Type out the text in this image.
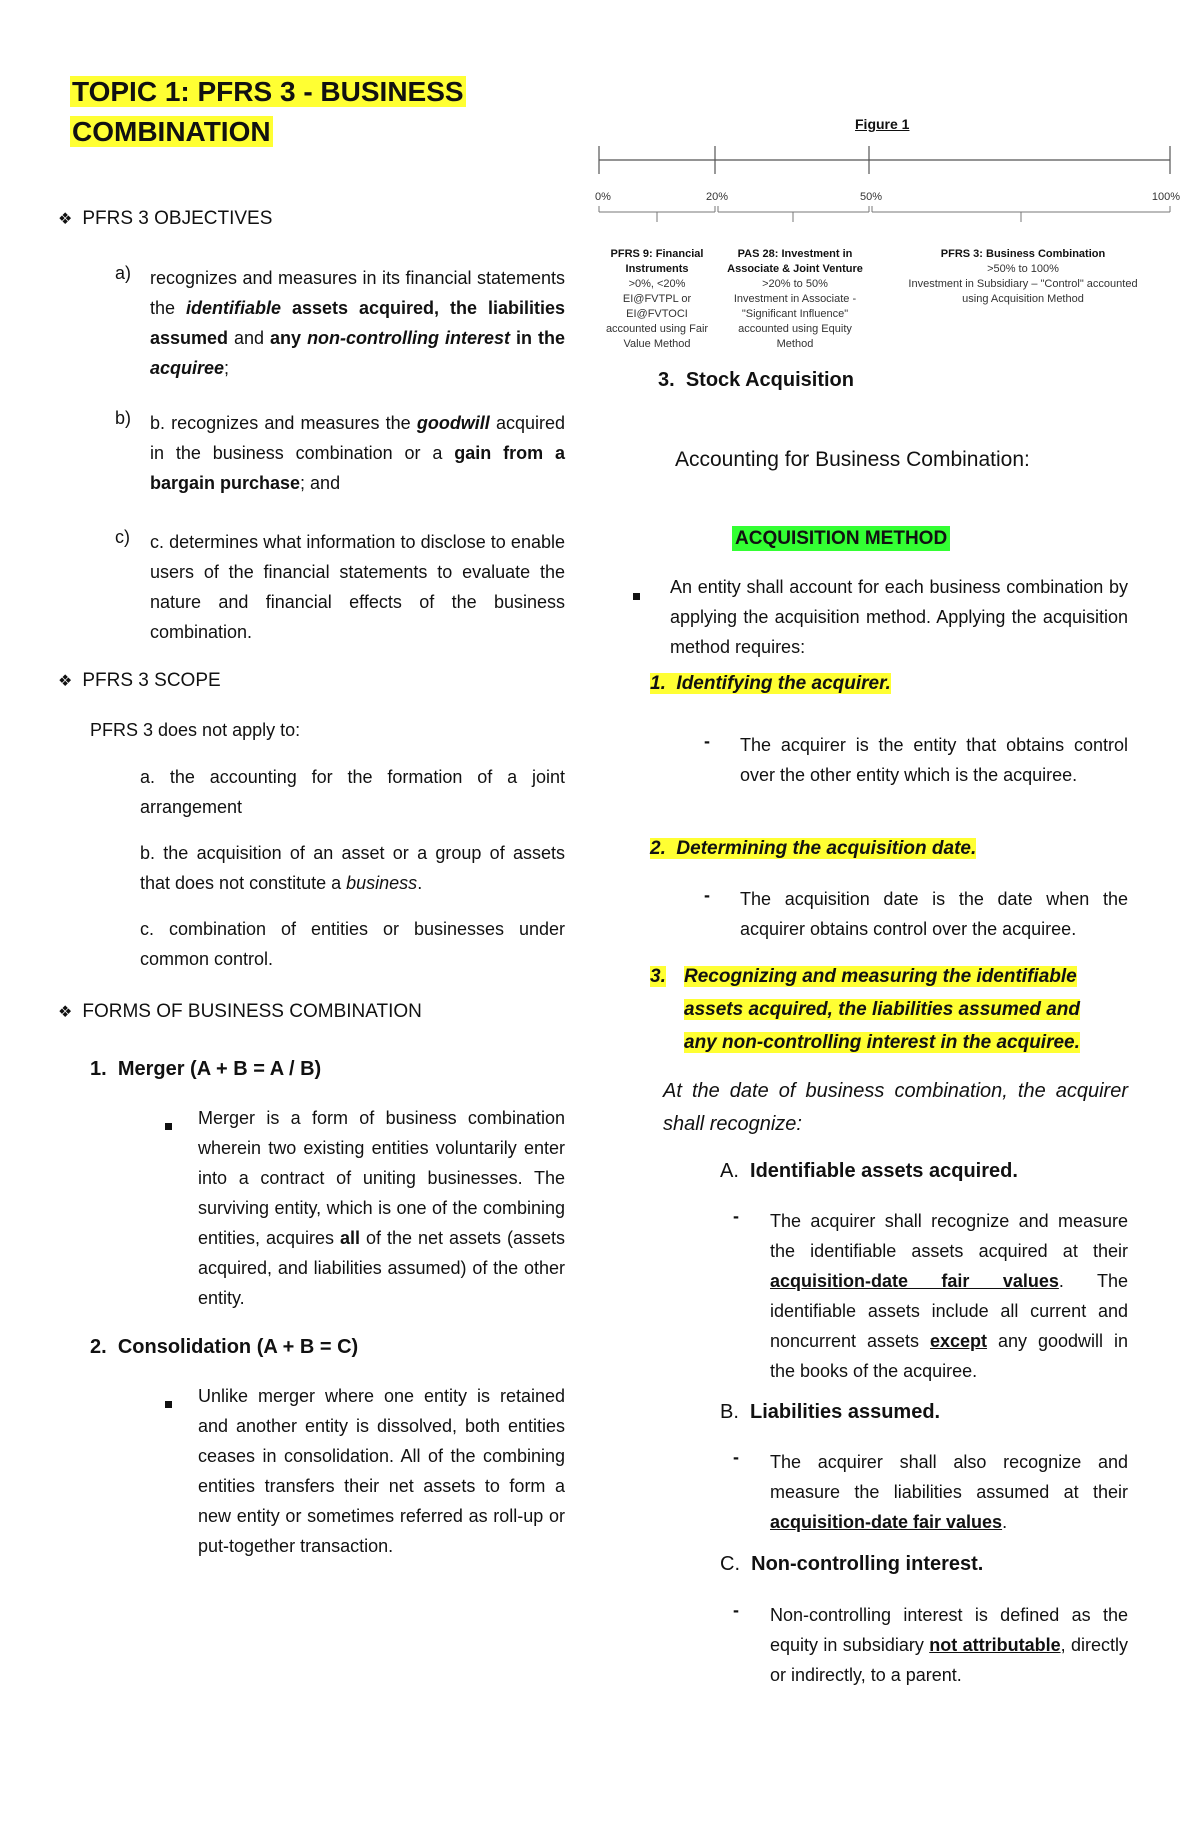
TOPIC 1: PFRS 3 - BUSINESS
COMBINATION
❖ PFRS 3 OBJECTIVES
a) recognizes and measures in its financial statements the identifiable assets acquired, the liabilities assumed and any non-controlling interest in the acquiree;
b) b. recognizes and measures the goodwill acquired in the business combination or a gain from a bargain purchase; and
c) c. determines what information to disclose to enable users of the financial statements to evaluate the nature and financial effects of the business combination.
❖ PFRS 3 SCOPE
PFRS 3 does not apply to:
a. the accounting for the formation of a joint arrangement
b. the acquisition of an asset or a group of assets that does not constitute a business.
c. combination of entities or businesses under common control.
❖ FORMS OF BUSINESS COMBINATION
1. Merger (A + B = A / B)
Merger is a form of business combination wherein two existing entities voluntarily enter into a contract of uniting businesses. The surviving entity, which is one of the combining entities, acquires all of the net assets (assets acquired, and liabilities assumed) of the other entity.
2. Consolidation (A + B = C)
Unlike merger where one entity is retained and another entity is dissolved, both entities ceases in consolidation. All of the combining entities transfers their net assets to form a new entity or sometimes referred as roll-up or put-together transaction.
Figure 1
0%	20%	50%	100%
PFRS 9: Financial Instruments
>0%, <20%
EI@FVTPL or
EI@FVTOCI
accounted using Fair
Value Method
PAS 28: Investment in Associate & Joint Venture
>20% to 50%
Investment in Associate -
"Significant Influence"
accounted using Equity
Method
PFRS 3: Business Combination
>50% to 100%
Investment in Subsidiary – "Control" accounted
using Acquisition Method
3. Stock Acquisition
Accounting for Business Combination:
ACQUISITION METHOD
An entity shall account for each business combination by applying the acquisition method. Applying the acquisition method requires:
1. Identifying the acquirer.
- The acquirer is the entity that obtains control over the other entity which is the acquiree.
2. Determining the acquisition date.
- The acquisition date is the date when the acquirer obtains control over the acquiree.
3. Recognizing and measuring the identifiable
assets acquired, the liabilities assumed and
any non-controlling interest in the acquiree.
At the date of business combination, the acquirer shall recognize:
A. Identifiable assets acquired.
- The acquirer shall recognize and measure the identifiable assets acquired at their acquisition-date fair values. The identifiable assets include all current and noncurrent assets except any goodwill in the books of the acquiree.
B. Liabilities assumed.
- The acquirer shall also recognize and measure the liabilities assumed at their acquisition-date fair values.
C. Non-controlling interest.
- Non-controlling interest is defined as the equity in subsidiary not attributable, directly or indirectly, to a parent.
